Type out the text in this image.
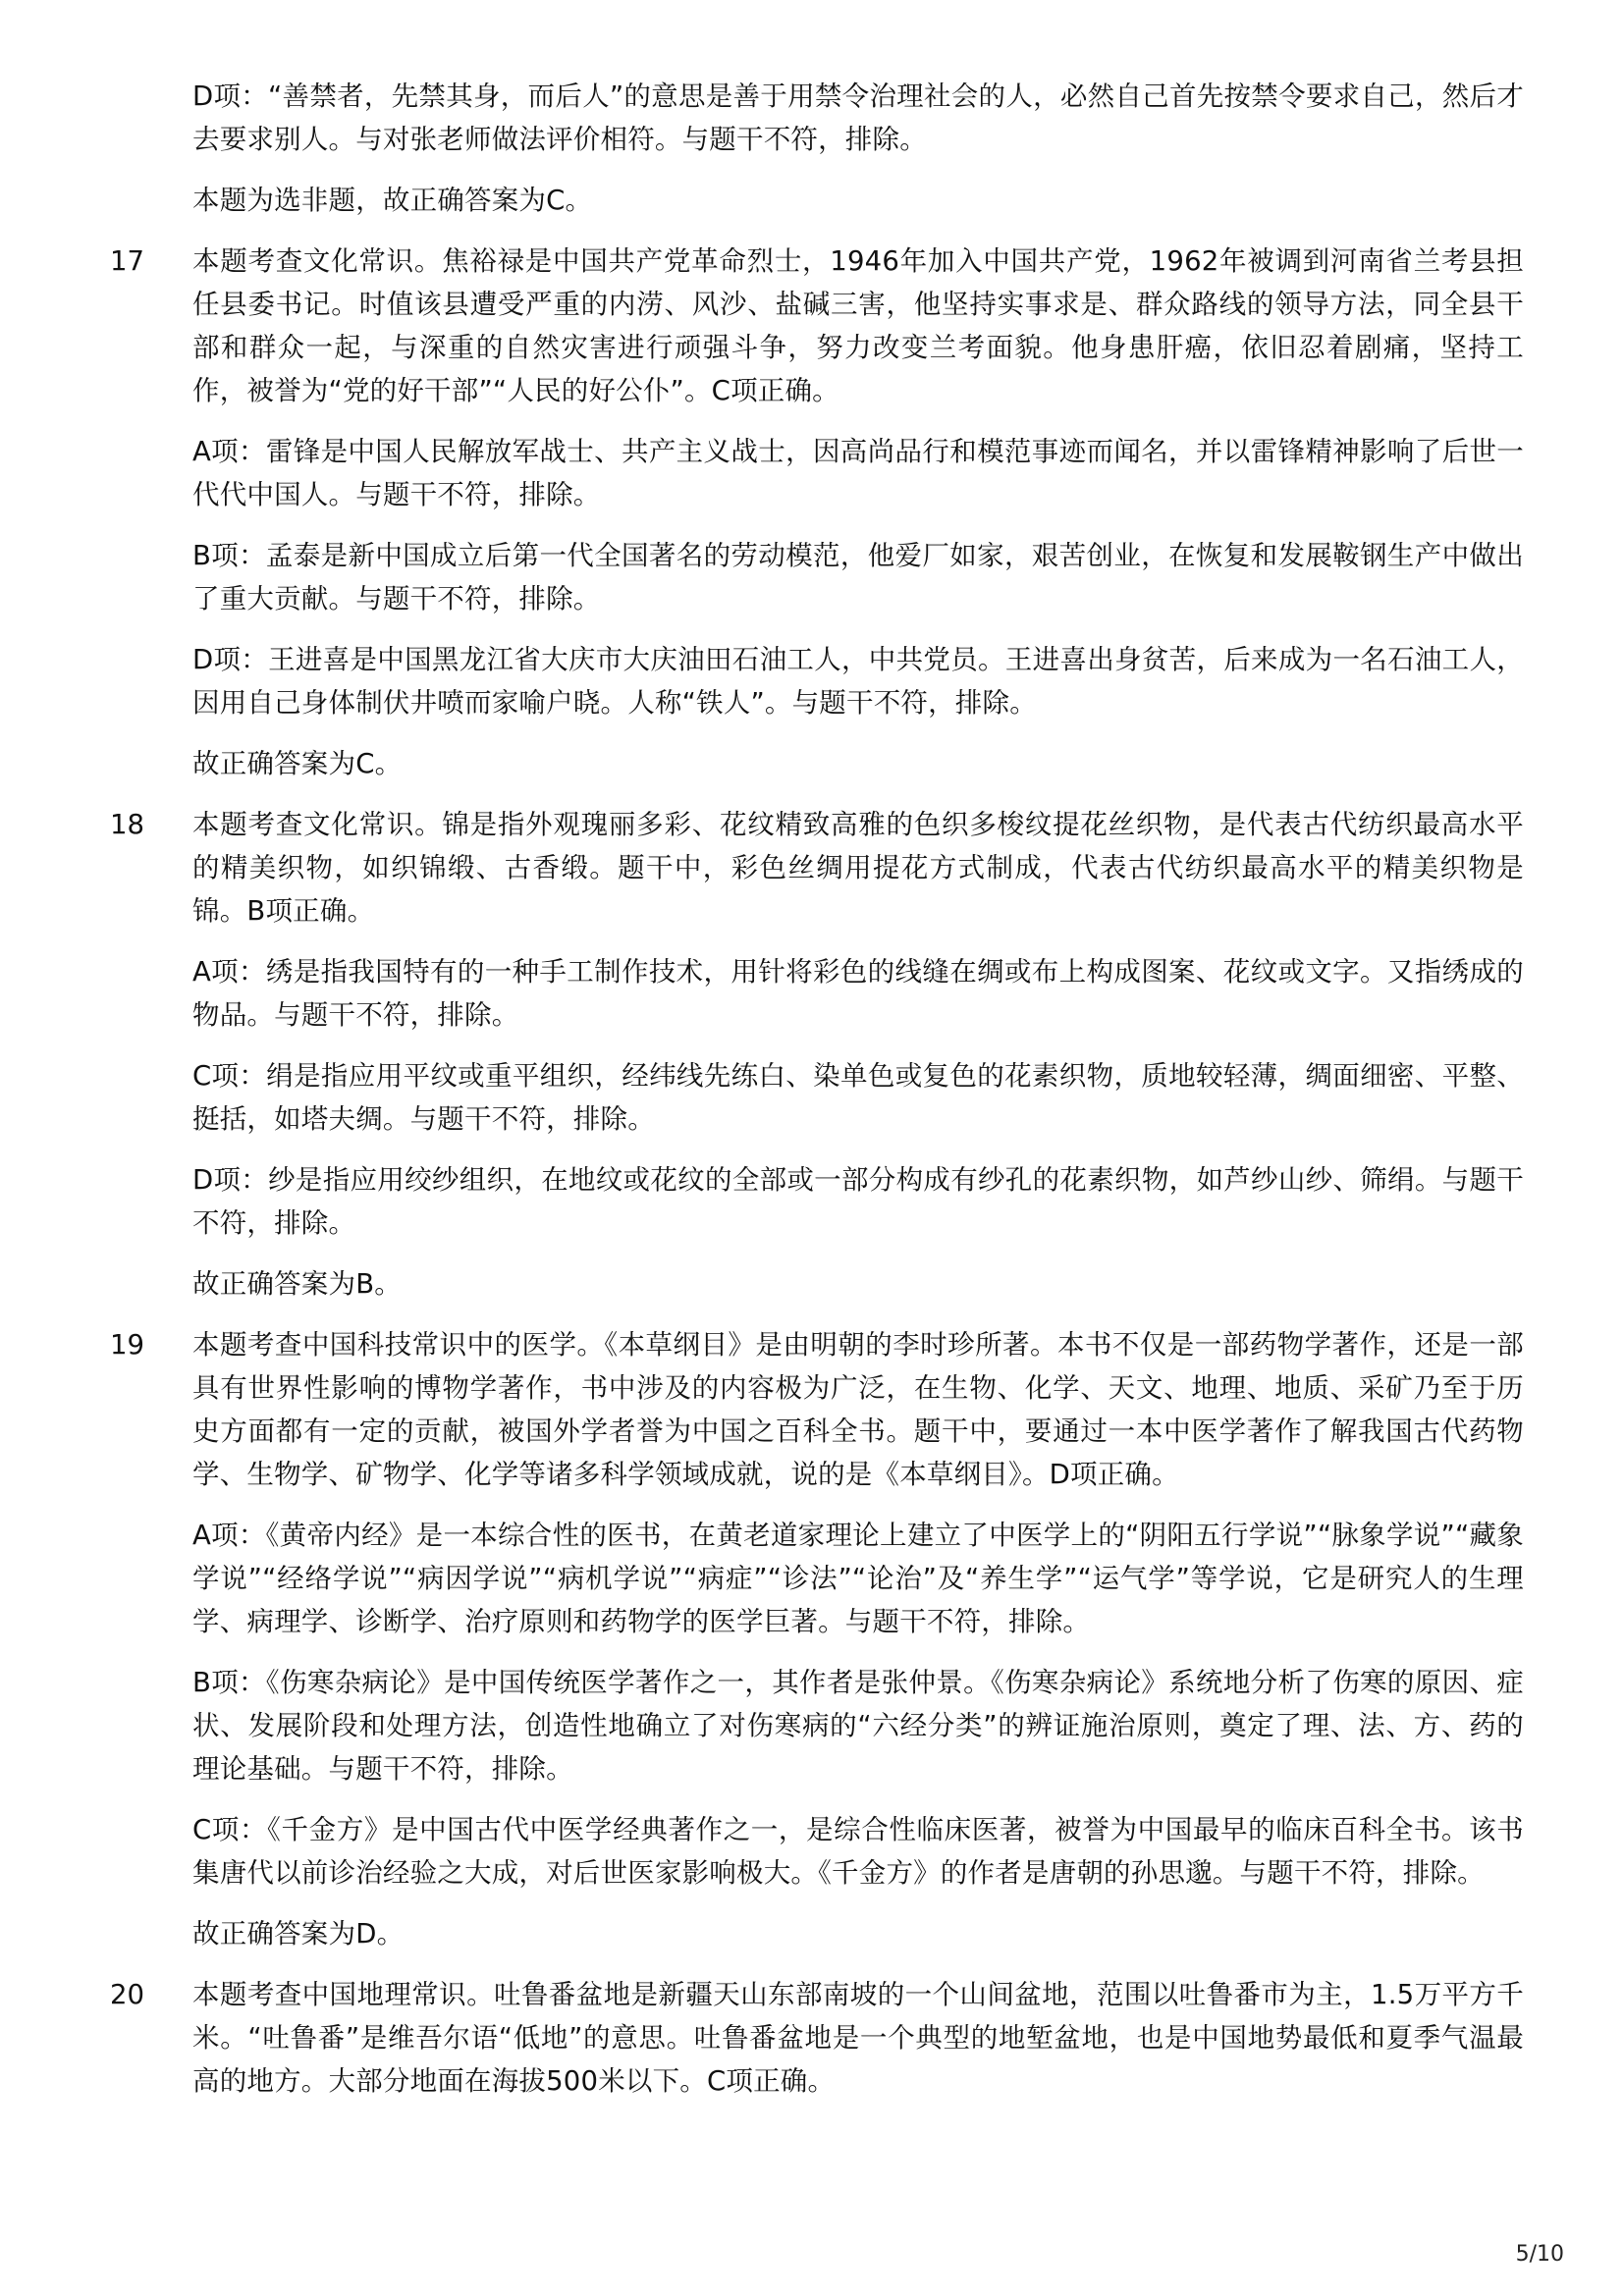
D项：“善禁者，先禁其身，而后人”的意思是善于用禁令治理社会的人，必然自己首先按禁令要求自己，然后才去要求别人。与对张老师做法评价相符。与题干不符，排除。

本题为选非题，故正确答案为C。

17	本题考查文化常识。焦裕禄是中国共产党革命烈士，1946年加入中国共产党，1962年被调到河南省兰考县担任县委书记。时值该县遭受严重的内涝、风沙、盐碱三害，他坚持实事求是、群众路线的领导方法，同全县干部和群众一起，与深重的自然灾害进行顽强斗争，努力改变兰考面貌。他身患肝癌，依旧忍着剧痛，坚持工作，被誉为“党的好干部”“人民的好公仆”。C项正确。

A项：雷锋是中国人民解放军战士、共产主义战士，因高尚品行和模范事迹而闻名，并以雷锋精神影响了后世一代代中国人。与题干不符，排除。

B项：孟泰是新中国成立后第一代全国著名的劳动模范，他爱厂如家，艰苦创业，在恢复和发展鞍钢生产中做出了重大贡献。与题干不符，排除。

D项：王进喜是中国黑龙江省大庆市大庆油田石油工人，中共党员。王进喜出身贫苦，后来成为一名石油工人，因用自己身体制伏井喷而家喻户晓。人称“铁人”。与题干不符，排除。

故正确答案为C。

18	本题考查文化常识。锦是指外观瑰丽多彩、花纹精致高雅的色织多梭纹提花丝织物，是代表古代纺织最高水平的精美织物，如织锦缎、古香缎。题干中，彩色丝绸用提花方式制成，代表古代纺织最高水平的精美织物是锦。B项正确。

A项：绣是指我国特有的一种手工制作技术，用针将彩色的线缝在绸或布上构成图案、花纹或文字。又指绣成的物品。与题干不符，排除。

C项：绢是指应用平纹或重平组织，经纬线先练白、染单色或复色的花素织物，质地较轻薄，绸面细密、平整、挺括，如塔夫绸。与题干不符，排除。

D项：纱是指应用绞纱组织，在地纹或花纹的全部或一部分构成有纱孔的花素织物，如芦纱山纱、筛绢。与题干不符，排除。

故正确答案为B。

19	本题考查中国科技常识中的医学。《本草纲目》是由明朝的李时珍所著。本书不仅是一部药物学著作，还是一部具有世界性影响的博物学著作，书中涉及的内容极为广泛，在生物、化学、天文、地理、地质、采矿乃至于历史方面都有一定的贡献，被国外学者誉为中国之百科全书。题干中，要通过一本中医学著作了解我国古代药物学、生物学、矿物学、化学等诸多科学领域成就，说的是《本草纲目》。D项正确。

A项：《黄帝内经》是一本综合性的医书，在黄老道家理论上建立了中医学上的“阴阳五行学说”“脉象学说”“藏象学说”“经络学说”“病因学说”“病机学说”“病症”“诊法”“论治”及“养生学”“运气学”等学说，它是研究人的生理学、病理学、诊断学、治疗原则和药物学的医学巨著。与题干不符，排除。

B项：《伤寒杂病论》是中国传统医学著作之一，其作者是张仲景。《伤寒杂病论》系统地分析了伤寒的原因、症状、发展阶段和处理方法，创造性地确立了对伤寒病的“六经分类”的辨证施治原则，奠定了理、法、方、药的理论基础。与题干不符，排除。

C项：《千金方》是中国古代中医学经典著作之一，是综合性临床医著，被誉为中国最早的临床百科全书。该书集唐代以前诊治经验之大成，对后世医家影响极大。《千金方》的作者是唐朝的孙思邈。与题干不符，排除。

故正确答案为D。

20	本题考查中国地理常识。吐鲁番盆地是新疆天山东部南坡的一个山间盆地，范围以吐鲁番市为主，1.5万平方千米。“吐鲁番”是维吾尔语“低地”的意思。吐鲁番盆地是一个典型的地堑盆地，也是中国地势最低和夏季气温最高的地方。大部分地面在海拔500米以下。C项正确。

5/10
